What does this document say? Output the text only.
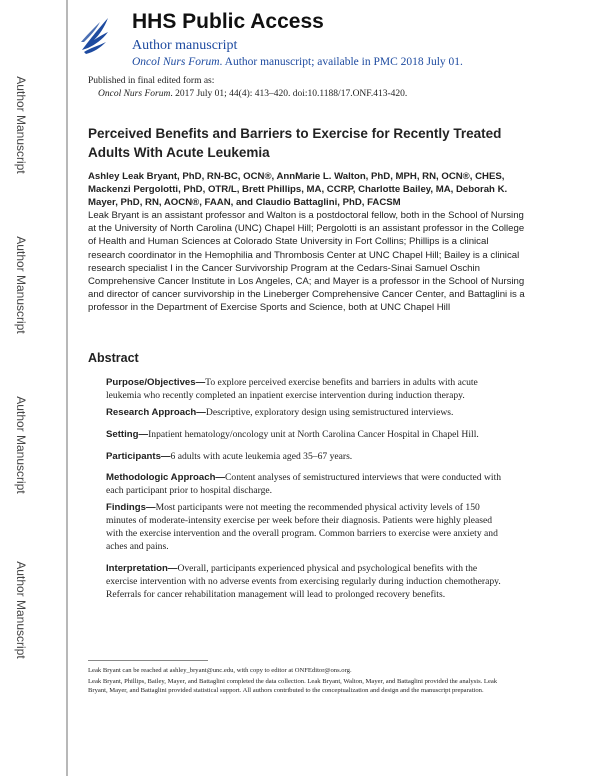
Author Manuscript
Author Manuscript
Author Manuscript
Author Manuscript
HHS Public Access
Author manuscript
Oncol Nurs Forum. Author manuscript; available in PMC 2018 July 01.
Published in final edited form as:
Oncol Nurs Forum. 2017 July 01; 44(4): 413–420. doi:10.1188/17.ONF.413-420.
Perceived Benefits and Barriers to Exercise for Recently Treated Adults With Acute Leukemia
Ashley Leak Bryant, PhD, RN-BC, OCN®, AnnMarie L. Walton, PhD, MPH, RN, OCN®, CHES, Mackenzi Pergolotti, PhD, OTR/L, Brett Phillips, MA, CCRP, Charlotte Bailey, MA, Deborah K. Mayer, PhD, RN, AOCN®, FAAN, and Claudio Battaglini, PhD, FACSM
Leak Bryant is an assistant professor and Walton is a postdoctoral fellow, both in the School of Nursing at the University of North Carolina (UNC) Chapel Hill; Pergolotti is an assistant professor in the College of Health and Human Sciences at Colorado State University in Fort Collins; Phillips is a clinical research coordinator in the Hemophilia and Thrombosis Center at UNC Chapel Hill; Bailey is a clinical research specialist I in the Cancer Survivorship Program at the Cedars-Sinai Samuel Oschin Comprehensive Cancer Institute in Los Angeles, CA; and Mayer is a professor in the School of Nursing and director of cancer survivorship in the Lineberger Comprehensive Cancer Center, and Battaglini is a professor in the Department of Exercise Sports and Science, both at UNC Chapel Hill
Abstract
Purpose/Objectives—To explore perceived exercise benefits and barriers in adults with acute leukemia who recently completed an inpatient exercise intervention during induction therapy.
Research Approach—Descriptive, exploratory design using semistructured interviews.
Setting—Inpatient hematology/oncology unit at North Carolina Cancer Hospital in Chapel Hill.
Participants—6 adults with acute leukemia aged 35–67 years.
Methodologic Approach—Content analyses of semistructured interviews that were conducted with each participant prior to hospital discharge.
Findings—Most participants were not meeting the recommended physical activity levels of 150 minutes of moderate-intensity exercise per week before their diagnosis. Patients were highly pleased with the exercise intervention and the overall program. Common barriers to exercise were anxiety and aches and pains.
Interpretation—Overall, participants experienced physical and psychological benefits with the exercise intervention with no adverse events from exercising regularly during induction chemotherapy. Referrals for cancer rehabilitation management will lead to prolonged recovery benefits.
Leak Bryant can be reached at ashley_bryant@unc.edu, with copy to editor at ONFEditor@ons.org.
Leak Bryant, Phillips, Bailey, Mayer, and Battaglini completed the data collection. Leak Bryant, Walton, Mayer, and Battaglini provided the analysis. Leak Bryant, Mayer, and Battaglini provided statistical support. All authors contributed to the conceptualization and design and the manuscript preparation.
